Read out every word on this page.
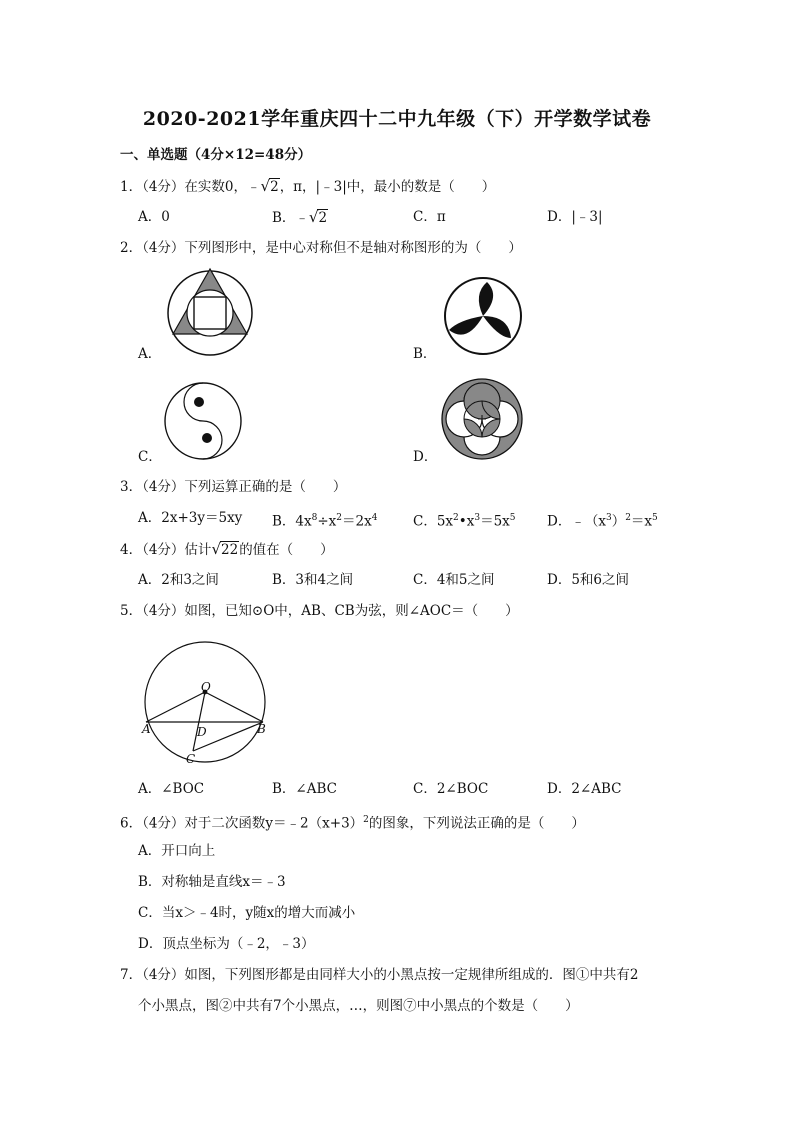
2020-2021学年重庆四十二中九年级（下）开学数学试卷
一、单选题（4分×12=48分）
1．（4分）在实数0，﹣√2，π，|﹣3|中，最小的数是（　　）
A．0	B．﹣√2	C．π	D．|﹣3|
2．（4分）下列图形中，是中心对称但不是轴对称图形的为（　　）
A．	B．
C．	D．
3．（4分）下列运算正确的是（　　）
A．2x+3y＝5xy B．$4x^8\div x^2=2x^4$	C．$5x^2•x^3=5x^5$ D．$﹣(x^3)^2=x^5$
4．（4分）估计√22的值在（　　）
A．2和3之间	B．3和4之间	C．4和5之间	D．5和6之间
5．（4分）如图，已知⊙O中，AB、CB为弦，则∠AOC＝（　　）
O
A	B
C
D
A．∠BOC	B．∠ABC	C．2∠BOC	D．2∠ABC
6．（4分）对于二次函数$y=﹣2(x+3)^2$的图象，下列说法正确的是（　　）
A．开口向上
B．对称轴是直线x＝﹣3
C．当x＞﹣4时，y随x的增大而减小
D．顶点坐标为（﹣2，﹣3）
7．（4分）如图，下列图形都是由同样大小的小黑点按一定规律所组成的．图①中共有2
个小黑点，图②中共有7个小黑点，…，则图⑦中小黑点的个数是（　　）
